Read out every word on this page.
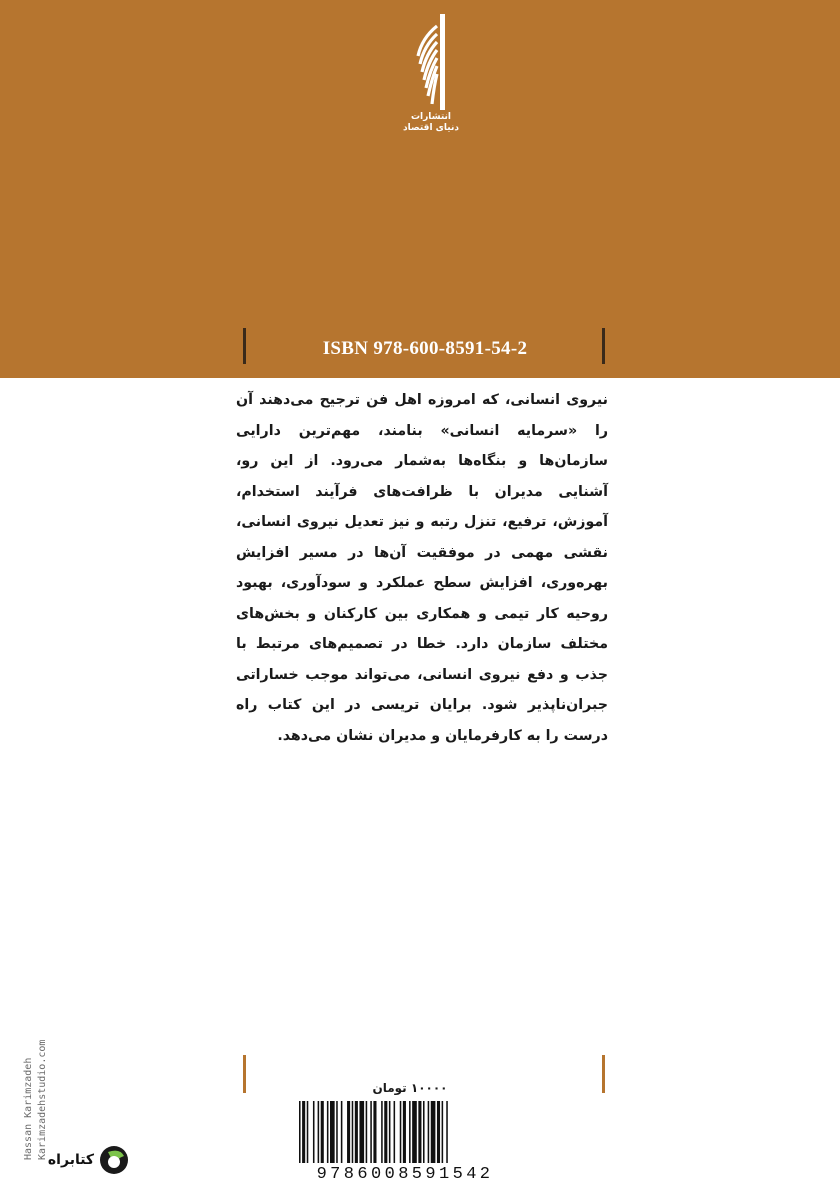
انتشارات
دنیای اقتصاد
ISBN 978-600-8591-54-2
نیروی انسانی، که امروزه اهل فن ترجیح می‌دهند آن را «سرمایه انسانی» بنامند، مهم‌ترین دارایی سازمان‌ها و بنگاه‌ها به‌شمار می‌رود. از این رو، آشنایی مدیران با ظرافت‌های فرآیند استخدام، آموزش، ترفیع، تنزل رتبه و نیز تعدیل نیروی انسانی، نقشی مهمی در موفقیت آن‌ها در مسیر افزایش بهره‌وری، افزایش سطح عملکرد و سودآوری، بهبود روحیه کار تیمی و همکاری بین کارکنان و بخش‌های مختلف سازمان دارد. خطا در تصمیم‌های مرتبط با جذب و دفع نیروی انسانی، می‌تواند موجب خساراتی جبران‌ناپذیر شود. برایان تریسی در این کتاب راه درست را به کارفرمایان و مدیران نشان می‌دهد.
Hassan Karimzadeh Karimzadehstudio.com	۱۰۰۰۰ تومان
9786008591542
کتابراه
